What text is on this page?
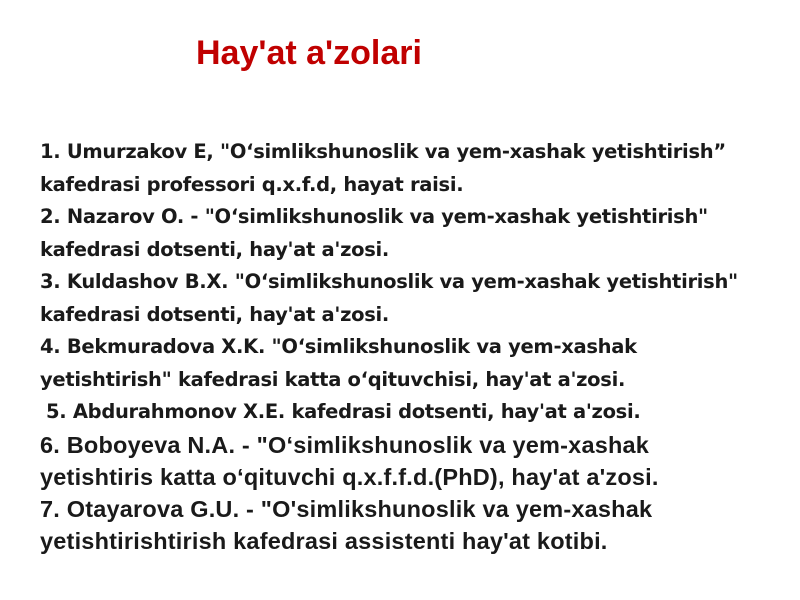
Hay'at a'zolari
1. Umurzakov E, "O‘simlikshunoslik va yem-xashak yetishtirish”
kafedrasi professori q.x.f.d, hayat raisi.
2. Nazarov O. - "O‘simlikshunoslik va yem-xashak yetishtirish"
kafedrasi dotsenti, hay'at a'zosi.
3. Kuldashov B.X. "O‘simlikshunoslik va yem-xashak yetishtirish"
kafedrasi dotsenti, hay'at a'zosi.
4. Bekmuradova X.K. "O‘simlikshunoslik va yem-xashak
yetishtirish" kafedrasi katta o‘qituvchisi, hay'at a'zosi.
5. Abdurahmonov X.E. kafedrasi dotsenti, hay'at a'zosi.
6. Boboyeva N.A. - "O‘simlikshunoslik va yem-xashak
yetishtiris katta o‘qituvchi q.x.f.f.d.(PhD), hay'at a'zosi.
7. Otayarova G.U. - "O'simlikshunoslik va yem-xashak
yetishtirishtirish kafedrasi assistenti hay'at kotibi.
